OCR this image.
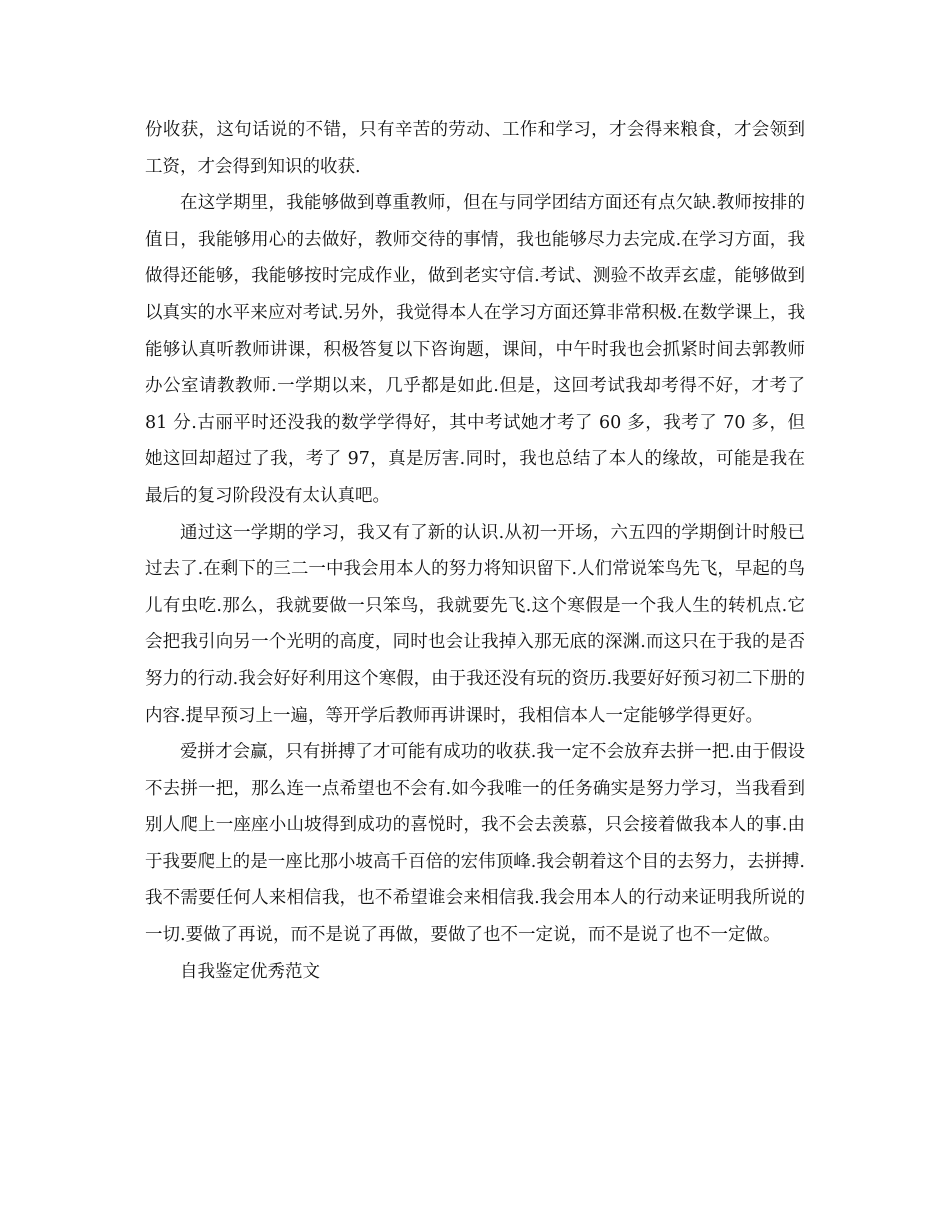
份收获，这句话说的不错，只有辛苦的劳动、工作和学习，才会得来粮食，才会领到工资，才会得到知识的收获.

在这学期里，我能够做到尊重教师，但在与同学团结方面还有点欠缺.教师按排的值日，我能够用心的去做好，教师交待的事情，我也能够尽力去完成.在学习方面，我做得还能够，我能够按时完成作业，做到老实守信.考试、测验不故弄玄虚，能够做到以真实的水平来应对考试.另外，我觉得本人在学习方面还算非常积极.在数学课上，我能够认真听教师讲课，积极答复以下咨询题，课间，中午时我也会抓紧时间去郭教师办公室请教教师.一学期以来，几乎都是如此.但是，这回考试我却考得不好，才考了 81 分.古丽平时还没我的数学学得好，其中考试她才考了 60 多，我考了 70 多，但她这回却超过了我，考了 97，真是厉害.同时，我也总结了本人的缘故，可能是我在最后的复习阶段没有太认真吧。

通过这一学期的学习，我又有了新的认识.从初一开场，六五四的学期倒计时般已过去了.在剩下的三二一中我会用本人的努力将知识留下.人们常说笨鸟先飞，早起的鸟儿有虫吃.那么，我就要做一只笨鸟，我就要先飞.这个寒假是一个我人生的转机点.它会把我引向另一个光明的高度，同时也会让我掉入那无底的深渊.而这只在于我的是否努力的行动.我会好好利用这个寒假，由于我还没有玩的资历.我要好好预习初二下册的内容.提早预习上一遍，等开学后教师再讲课时，我相信本人一定能够学得更好。

爱拼才会赢，只有拼搏了才可能有成功的收获.我一定不会放弃去拼一把.由于假设不去拼一把，那么连一点希望也不会有.如今我唯一的任务确实是努力学习，当我看到别人爬上一座座小山坡得到成功的喜悦时，我不会去羡慕，只会接着做我本人的事.由于我要爬上的是一座比那小坡高千百倍的宏伟顶峰.我会朝着这个目的去努力，去拼搏.我不需要任何人来相信我，也不希望谁会来相信我.我会用本人的行动来证明我所说的一切.要做了再说，而不是说了再做，要做了也不一定说，而不是说了也不一定做。

自我鉴定优秀范文
